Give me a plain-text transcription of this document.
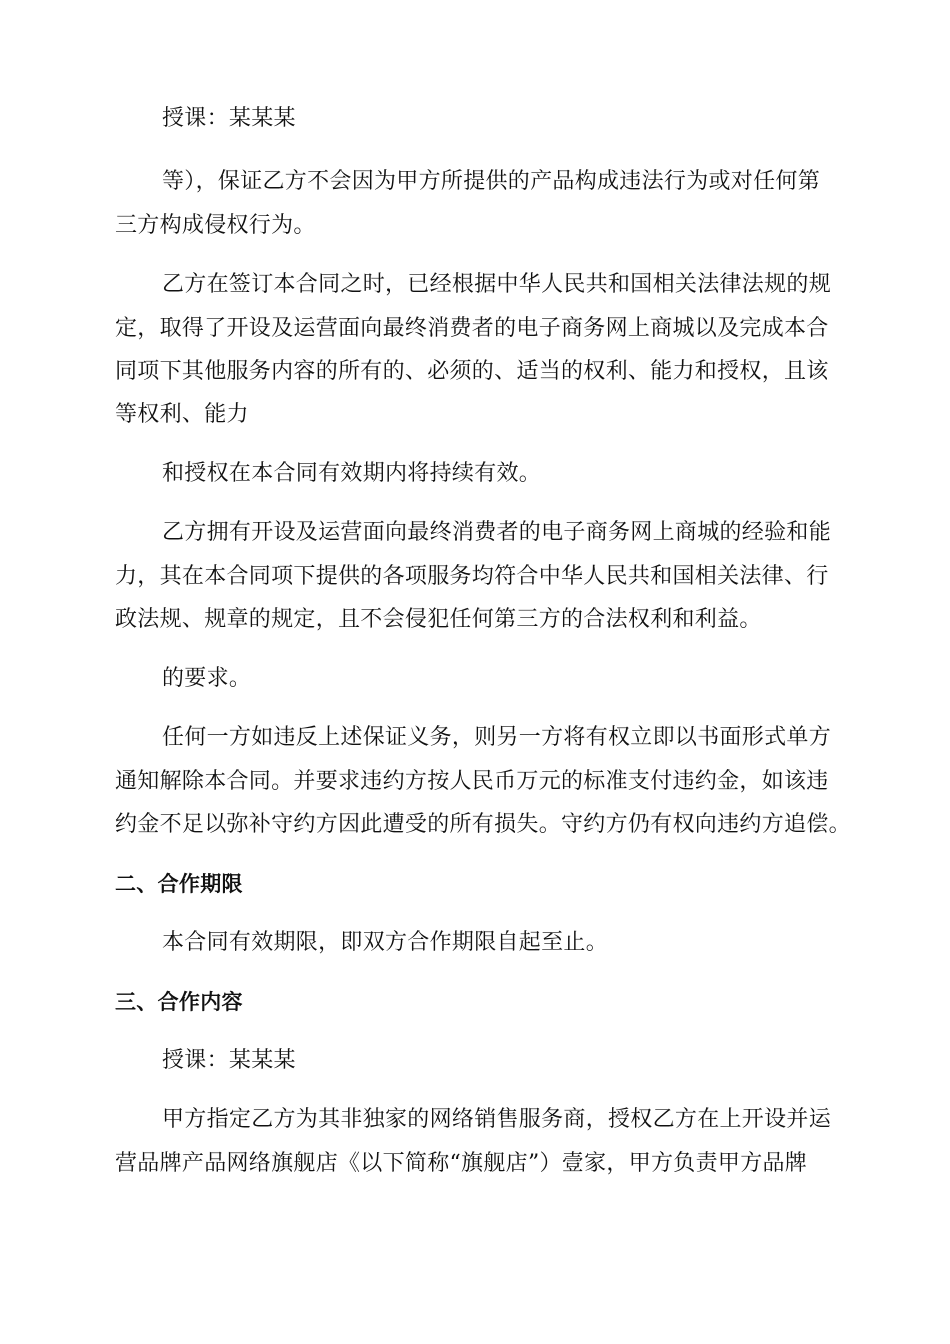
授课：某某某
等），保证乙方不会因为甲方所提供的产品构成违法行为或对任何第
三方构成侵权行为。
乙方在签订本合同之时，已经根据中华人民共和国相关法律法规的规
定，取得了开设及运营面向最终消费者的电子商务网上商城以及完成本合
同项下其他服务内容的所有的、必须的、适当的权利、能力和授权，且该
等权利、能力
和授权在本合同有效期内将持续有效。
乙方拥有开设及运营面向最终消费者的电子商务网上商城的经验和能
力，其在本合同项下提供的各项服务均符合中华人民共和国相关法律、行
政法规、规章的规定，且不会侵犯任何第三方的合法权利和利益。
的要求。
任何一方如违反上述保证义务，则另一方将有权立即以书面形式单方
通知解除本合同。并要求违约方按人民币万元的标准支付违约金，如该违
约金不足以弥补守约方因此遭受的所有损失。守约方仍有权向违约方追偿。
二、合作期限
本合同有效期限，即双方合作期限自起至止。
三、合作内容
授课：某某某
甲方指定乙方为其非独家的网络销售服务商，授权乙方在上开设并运
营品牌产品网络旗舰店《以下简称“旗舰店”）壹家，甲方负责甲方品牌
